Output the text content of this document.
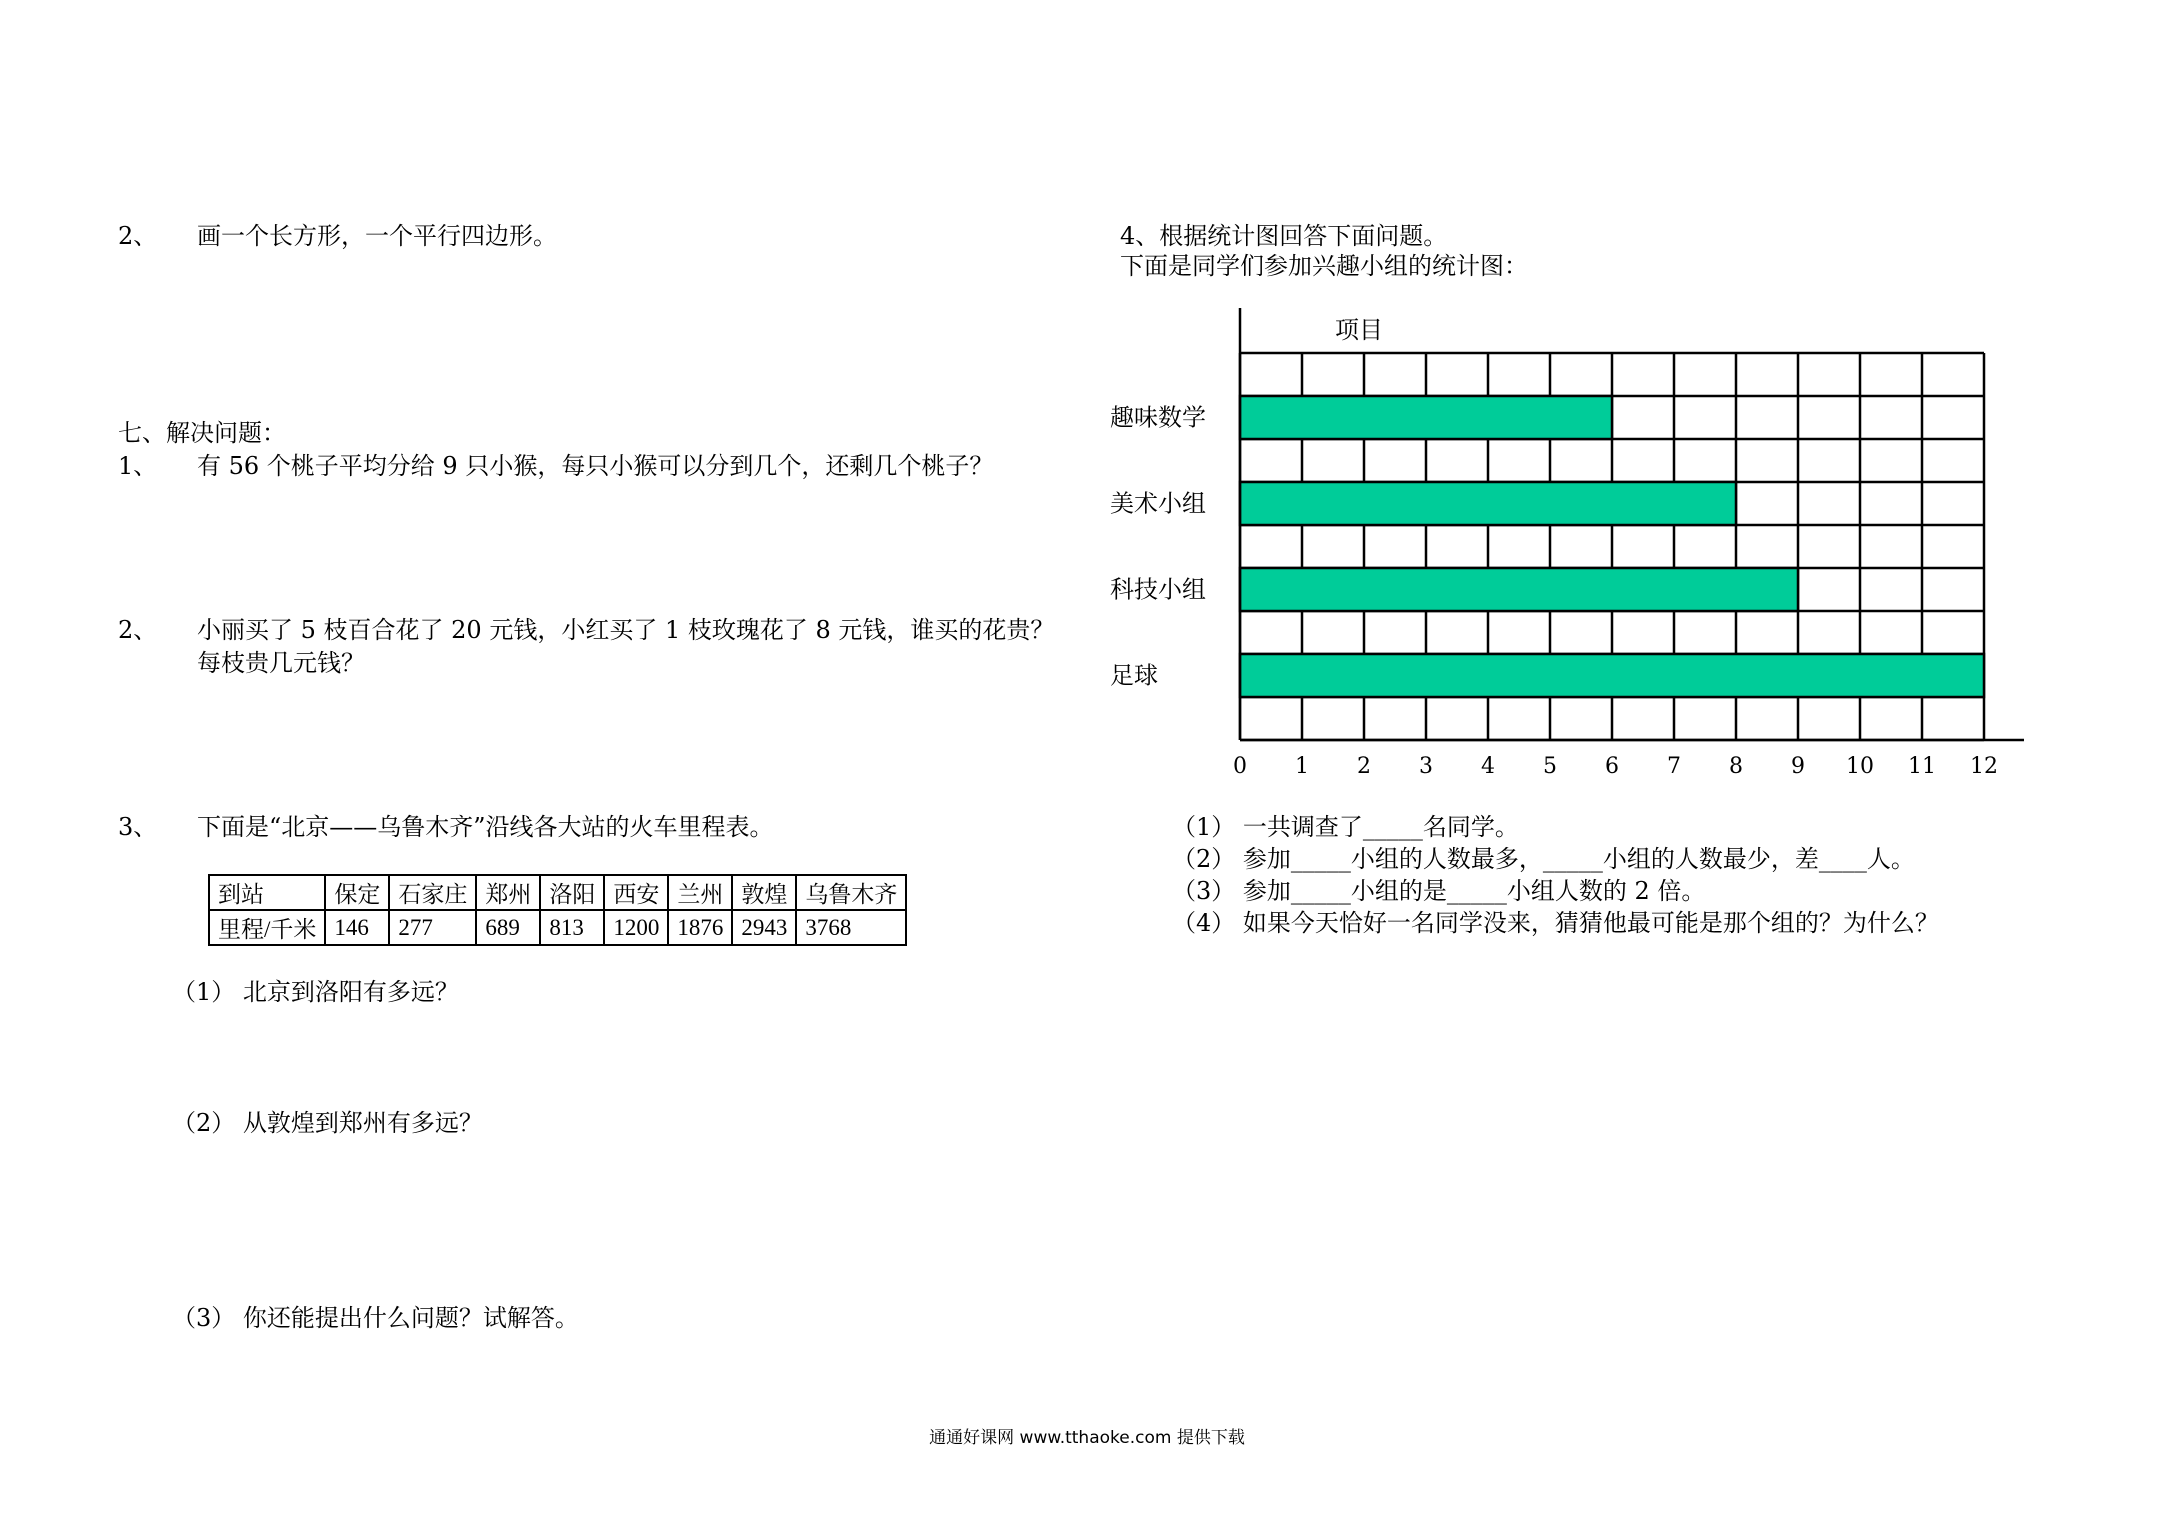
2、 画一个长方形，一个平行四边形。
七、解决问题：
1、 有 56 个桃子平均分给 9 只小猴，每只小猴可以分到几个，还剩几个桃子？
2、 小丽买了 5 枝百合花了 20 元钱，小红买了 1 枝玫瑰花了 8 元钱，谁买的花贵？
每枝贵几元钱？
3、 下面是“北京——乌鲁木齐”沿线各大站的火车里程表。
到站	保定	石家庄	郑州	洛阳	西安	兰州	敦煌	乌鲁木齐
里程/千米	146	277	689	813	1200	1876	2943	3768
（1） 北京到洛阳有多远？
（2） 从敦煌到郑州有多远？
（3） 你还能提出什么问题？试解答。
4、根据统计图回答下面问题。
下面是同学们参加兴趣小组的统计图：
趣味数学
美术小组
科技小组
足球
项目
0 1 2 3 4 5 6 7 8 9 10 11 12
（1） 一共调查了_____名同学。
（2） 参加_____小组的人数最多，_____小组的人数最少，差____人。
（3） 参加_____小组的是_____小组人数的 2 倍。
（4） 如果今天恰好一名同学没来，猜猜他最可能是那个组的？为什么？
通通好课网 www.tthaoke.com 提供下载
